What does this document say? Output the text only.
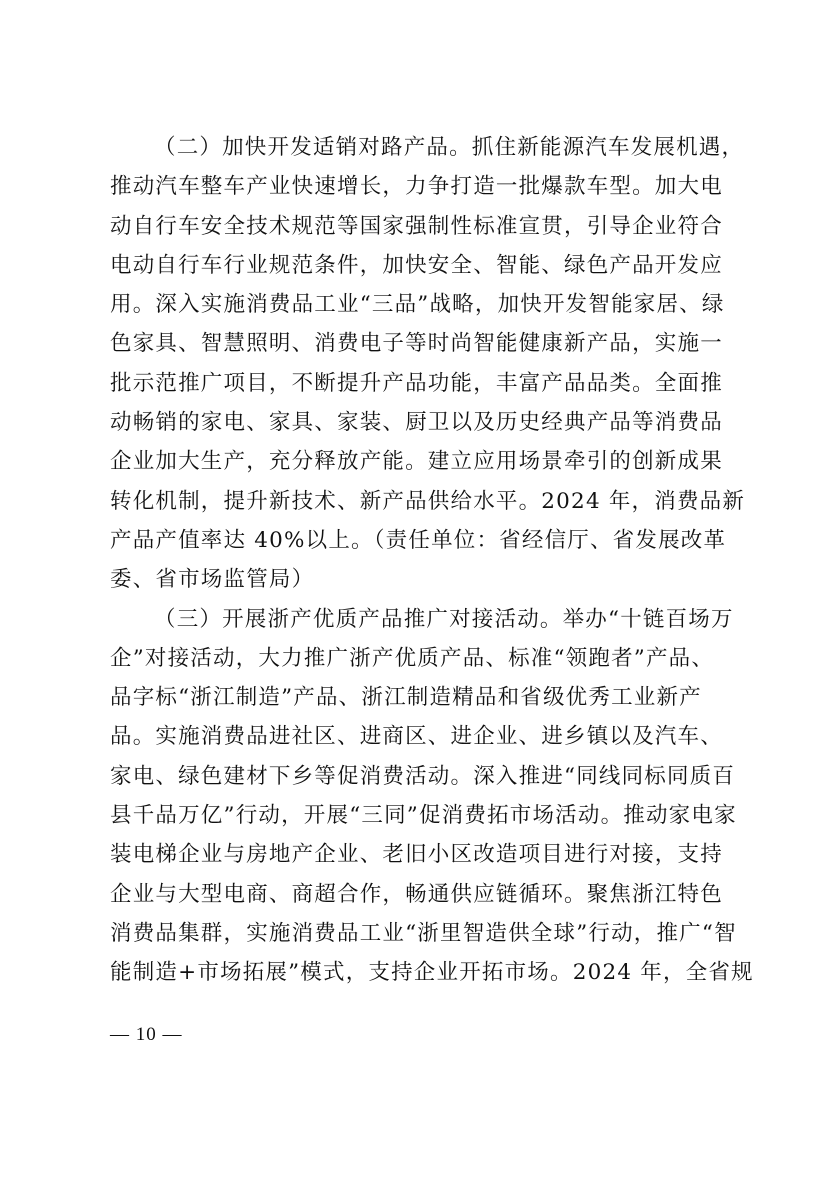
（二）加快开发适销对路产品。抓住新能源汽车发展机遇，
推动汽车整车产业快速增长，力争打造一批爆款车型。加大电
动自行车安全技术规范等国家强制性标准宣贯，引导企业符合
电动自行车行业规范条件，加快安全、智能、绿色产品开发应
用。深入实施消费品工业“三品”战略，加快开发智能家居、绿
色家具、智慧照明、消费电子等时尚智能健康新产品，实施一
批示范推广项目，不断提升产品功能，丰富产品品类。全面推
动畅销的家电、家具、家装、厨卫以及历史经典产品等消费品
企业加大生产，充分释放产能。建立应用场景牵引的创新成果
转化机制，提升新技术、新产品供给水平。2024 年，消费品新
产品产值率达 40%以上。（责任单位：省经信厅、省发展改革
委、省市场监管局）
（三）开展浙产优质产品推广对接活动。举办“十链百场万
企”对接活动，大力推广浙产优质产品、标准“领跑者”产品、
品字标“浙江制造”产品、浙江制造精品和省级优秀工业新产
品。实施消费品进社区、进商区、进企业、进乡镇以及汽车、
家电、绿色建材下乡等促消费活动。深入推进“同线同标同质百
县千品万亿”行动，开展“三同”促消费拓市场活动。推动家电家
装电梯企业与房地产企业、老旧小区改造项目进行对接，支持
企业与大型电商、商超合作，畅通供应链循环。聚焦浙江特色
消费品集群，实施消费品工业“浙里智造供全球”行动，推广“智
能制造+市场拓展”模式，支持企业开拓市场。2024 年，全省规
— 10 —
